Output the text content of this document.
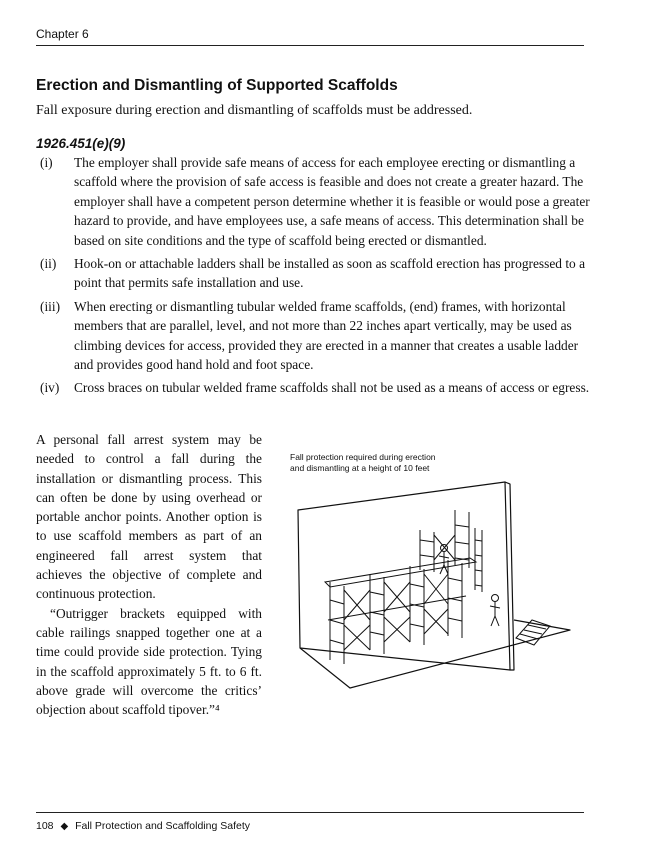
Chapter 6
Erection and Dismantling of Supported Scaffolds

Fall exposure during erection and dismantling of scaffolds must be addressed.

1926.451(e)(9)

(i) The employer shall provide safe means of access for each employee erecting or dismantling a scaffold where the provision of safe access is feasible and does not create a greater hazard. The employer shall have a competent person determine whether it is feasible or would pose a greater hazard to provide, and have employees use, a safe means of access. This determination shall be based on site conditions and the type of scaffold being erected or dismantled.
(ii) Hook-on or attachable ladders shall be installed as soon as scaffold erection has progressed to a point that permits safe installation and use.
(iii) When erecting or dismantling tubular welded frame scaffolds, (end) frames, with horizontal members that are parallel, level, and not more than 22 inches apart vertically, may be used as climbing devices for access, provided they are erected in a manner that creates a usable ladder and provides good hand hold and foot space.
(iv) Cross braces on tubular welded frame scaffolds shall not be used as a means of access or egress.

A personal fall arrest system may be needed to control a fall during the installation or dismantling process. This can often be done by using overhead or portable anchor points. Another option is to use scaffold members as part of an engineered fall arrest system that achieves the objective of complete and continuous protection.

“Outrigger brackets equipped with cable railings snapped together one at a time could provide side protection. Tying in the scaffold approximately 5 ft. to 6 ft. above grade will overcome the critics’ objection about scaffold tipover.”⁴

Fall protection required during erection
and dismantling at a height of 10 feet
108 ◆ Fall Protection and Scaffolding Safety
